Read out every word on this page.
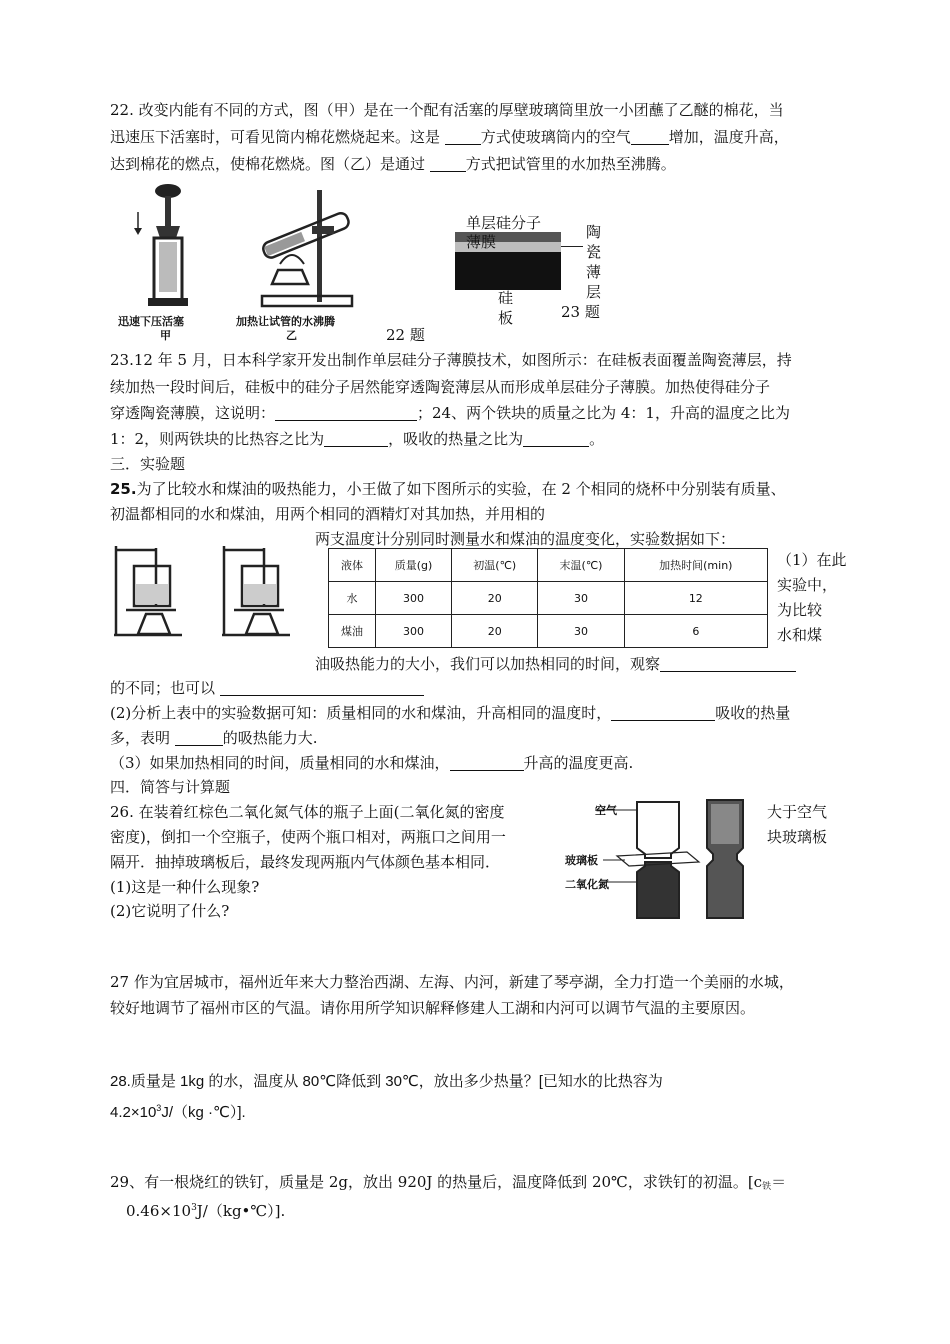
22. 改变内能有不同的方式，图（甲）是在一个配有活塞的厚壁玻璃筒里放一小团蘸了乙醚的棉花，当
迅速压下活塞时，可看见筒内棉花燃烧起来。这是 方式使玻璃筒内的空气	增加，温度升高，
达到棉花的燃点，使棉花燃烧。图（乙）是通过 方式把试管里的水加热至沸腾。
迅速下压活塞
甲
加热让试管的水沸腾
乙	22 题
单层硅分子
薄膜
陶
瓷
薄
层
硅
板	23 题
23.12 年 5 月，日本科学家开发出制作单层硅分子薄膜技术，如图所示：在硅板表面覆盖陶瓷薄层，持
续加热一段时间后，硅板中的硅分子居然能穿透陶瓷薄层从而形成单层硅分子薄膜。加热使得硅分子
穿透陶瓷薄膜，这说明：	；24、两个铁块的质量之比为 4：1，升高的温度之比为
1：2，则两铁块的比热容之比为	，吸收的热量之比为	。
三．实验题
25.为了比较水和煤油的吸热能力，小王做了如下图所示的实验，在 2 个相同的烧杯中分别装有质量、
初温都相同的水和煤油，用两个相同的酒精灯对其加热，并用相的
两支温度计分别同时测量水和煤油的温度变化，实验数据如下：
液体	质量(g)	初温(℃)	末温(℃)	加热时间(min)
水	300	20	30	12
煤油	300	20	30	6
（1）在此
实验中，
为比较
水和煤
油吸热能力的大小，我们可以加热相同的时间，观察
的不同；也可以
(2)分析上表中的实验数据可知：质量相同的水和煤油，升高相同的温度时，	吸收的热量
多，表明	的吸热能力大.
（3）如果加热相同的时间，质量相同的水和煤油，	升高的温度更高.
四．简答与计算题
26. 在装着红棕色二氧化氮气体的瓶子上面(二氧化氮的密度
密度)，倒扣一个空瓶子，使两个瓶口相对，两瓶口之间用一
隔开．抽掉玻璃板后，最终发现两瓶内气体颜色基本相同．
(1)这是一种什么现象?
(2)它说明了什么?
大于空气
块玻璃板
空气
玻璃板
二氧化氮
27 作为宜居城市，福州近年来大力整治西湖、左海、内河，新建了琴亭湖，全力打造一个美丽的水城，
较好地调节了福州市区的气温。请你用所学知识解释修建人工湖和内河可以调节气温的主要原因。
28.质量是 1kg 的水，温度从 80℃降低到 30℃，放出多少热量？[已知水的比热容为
$4.2\times 10^3J/(kg$ ·℃）].
29、有一根烧红的铁钉，质量是 2g，放出 920J 的热量后，温度降低到 20℃，求铁钉的初温。[$c_铁=$
$0.46\times 10^3J/(kg•℃)$].
